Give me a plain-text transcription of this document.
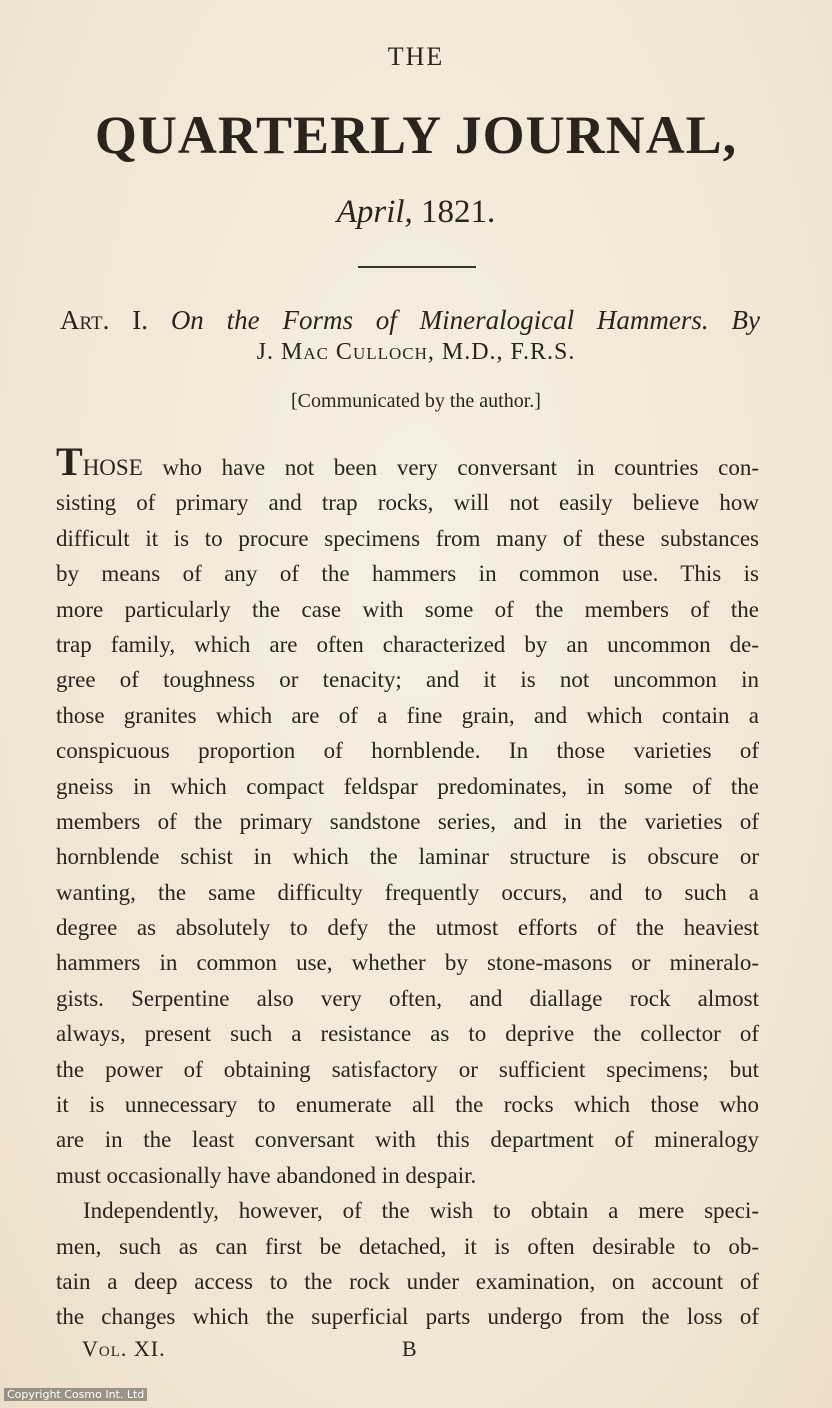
THE
QUARTERLY JOURNAL,
April, 1821.
Art. I. On the Forms of Mineralogical Hammers. By
J. Mac Culloch, M.D., F.R.S.
[Communicated by the author.]
THOSE who have not been very conversant in countries con-
sisting of primary and trap rocks, will not easily believe how
difficult it is to procure specimens from many of these substances
by means of any of the hammers in common use. This is
more particularly the case with some of the members of the
trap family, which are often characterized by an uncommon de-
gree of toughness or tenacity; and it is not uncommon in
those granites which are of a fine grain, and which contain a
conspicuous proportion of hornblende. In those varieties of
gneiss in which compact feldspar predominates, in some of the
members of the primary sandstone series, and in the varieties of
hornblende schist in which the laminar structure is obscure or
wanting, the same difficulty frequently occurs, and to such a
degree as absolutely to defy the utmost efforts of the heaviest
hammers in common use, whether by stone-masons or mineralo-
gists. Serpentine also very often, and diallage rock almost
always, present such a resistance as to deprive the collector of
the power of obtaining satisfactory or sufficient specimens; but
it is unnecessary to enumerate all the rocks which those who
are in the least conversant with this department of mineralogy
must occasionally have abandoned in despair.
Independently, however, of the wish to obtain a mere speci-
men, such as can first be detached, it is often desirable to ob-
tain a deep access to the rock under examination, on account of
the changes which the superficial parts undergo from the loss of
Vol. XI.	B
Copyright Cosmo Int. Ltd
